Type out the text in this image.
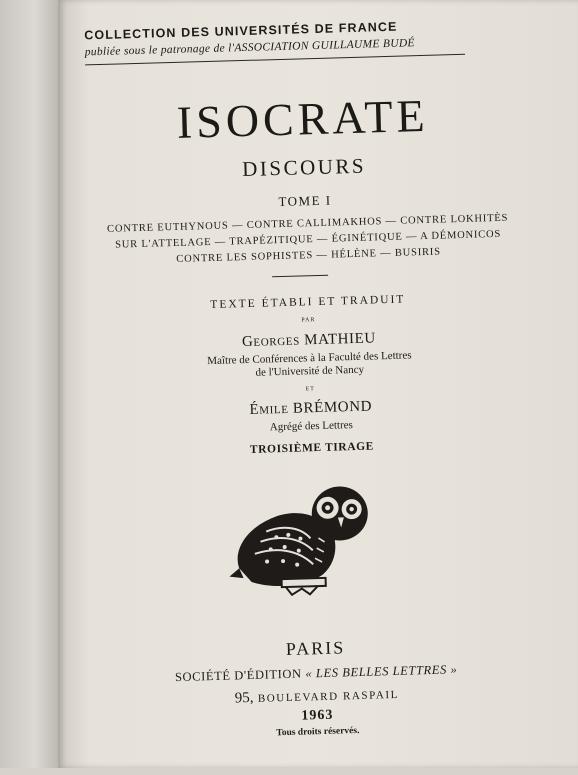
COLLECTION DES UNIVERSITÉS DE FRANCE
publiée sous le patronage de l'ASSOCIATION GUILLAUME BUDÉ
ISOCRATE
DISCOURS
TOME I
CONTRE EUTHYNOUS — CONTRE CALLIMAKHOS — CONTRE LOKHITÈS
SUR L'ATTELAGE — TRAPÉZITIQUE — ÉGINÉTIQUE — A DÉMONICOS
CONTRE LES SOPHISTES — HÉLÈNE — BUSIRIS
TEXTE ÉTABLI ET TRADUIT
PAR
Georges MATHIEU
Maître de Conférences à la Faculté des Lettres
de l'Université de Nancy
ET
Émile BRÉMOND
Agrégé des Lettres
TROISIÈME TIRAGE
PARIS
SOCIÉTÉ D'ÉDITION « LES BELLES LETTRES »
95, BOULEVARD RASPAIL
1963
Tous droits réservés.
